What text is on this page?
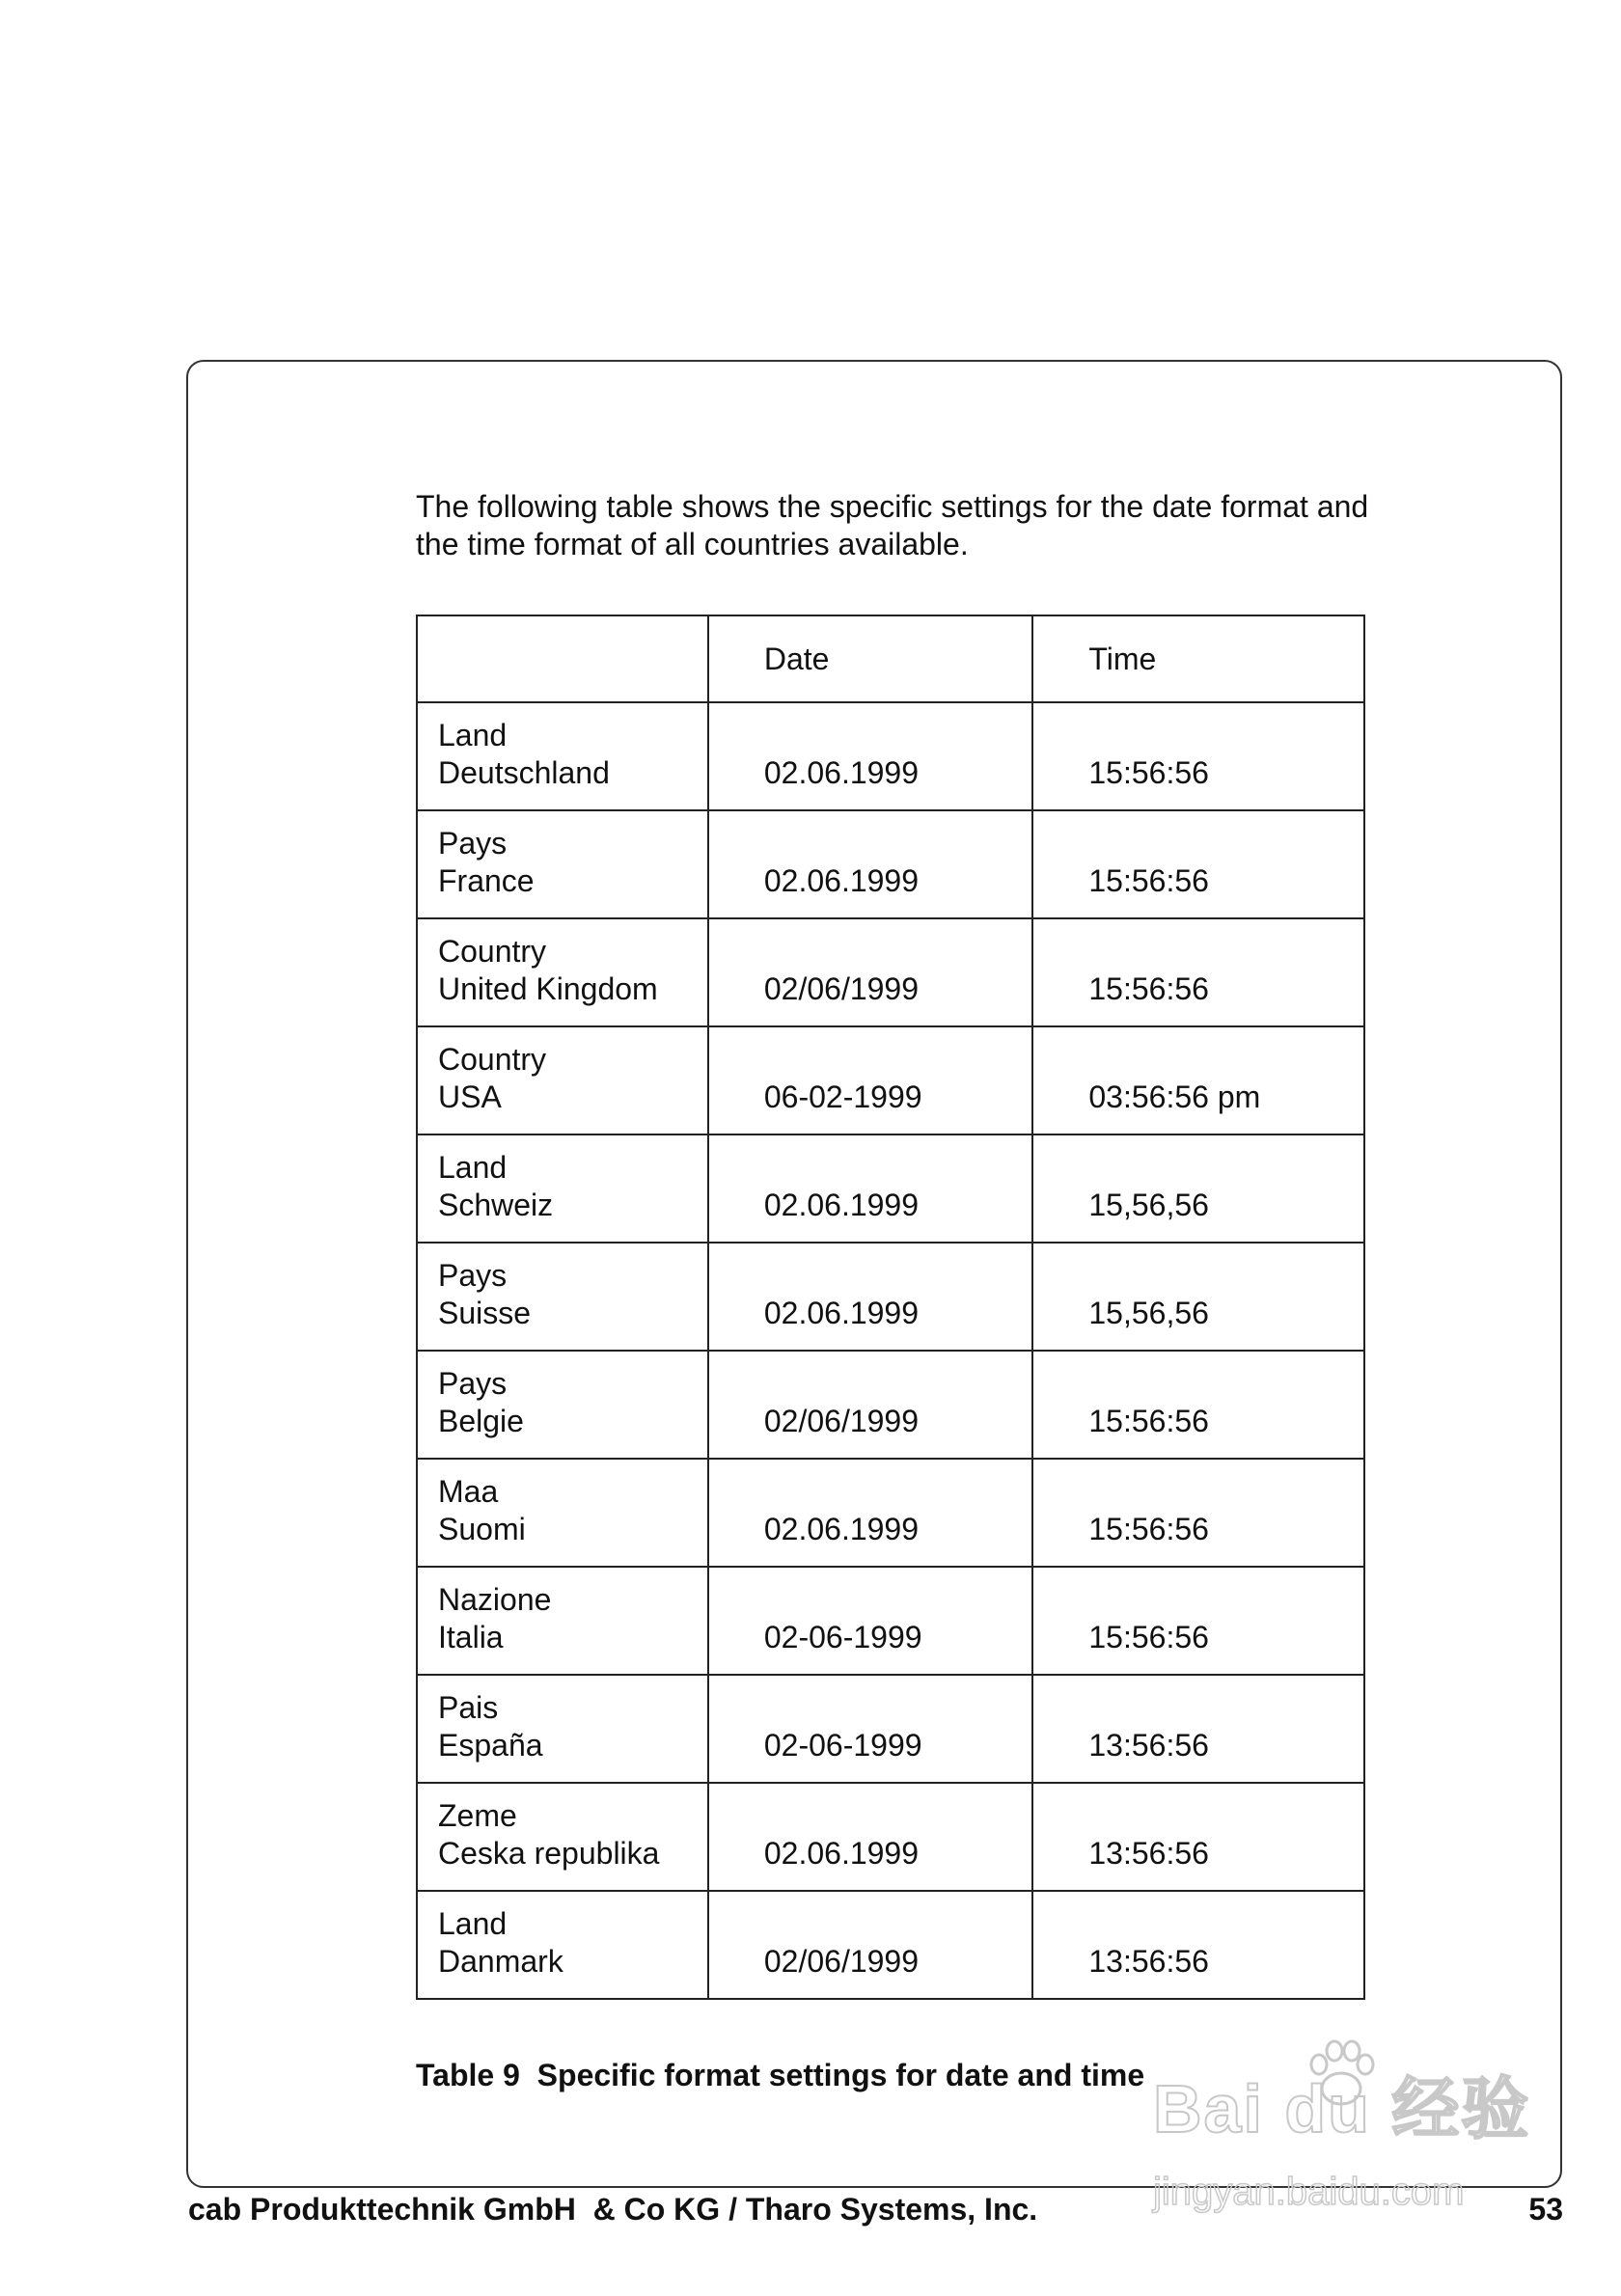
The following table shows the specific settings for the date format and
the time format of all countries available.

	Date	Time

Land
Deutschland	02.06.1999	15:56:56

Pays
France	02.06.1999	15:56:56

Country
United Kingdom	02/06/1999	15:56:56

Country
USA	06-02-1999	03:56:56 pm

Land
Schweiz	02.06.1999	15,56,56

Pays
Suisse	02.06.1999	15,56,56

Pays
Belgie	02/06/1999	15:56:56

Maa
Suomi	02.06.1999	15:56:56

Nazione
Italia	02-06-1999	15:56:56

Pais
España	02-06-1999	13:56:56

Zeme
Ceska republika	02.06.1999	13:56:56

Land
Danmark	02/06/1999	13:56:56

Table 9  Specific format settings for date and time Bai du 经验
jingyan.baidu.com
cab Produkttechnik GmbH  & Co KG / Tharo Systems, Inc.	53
